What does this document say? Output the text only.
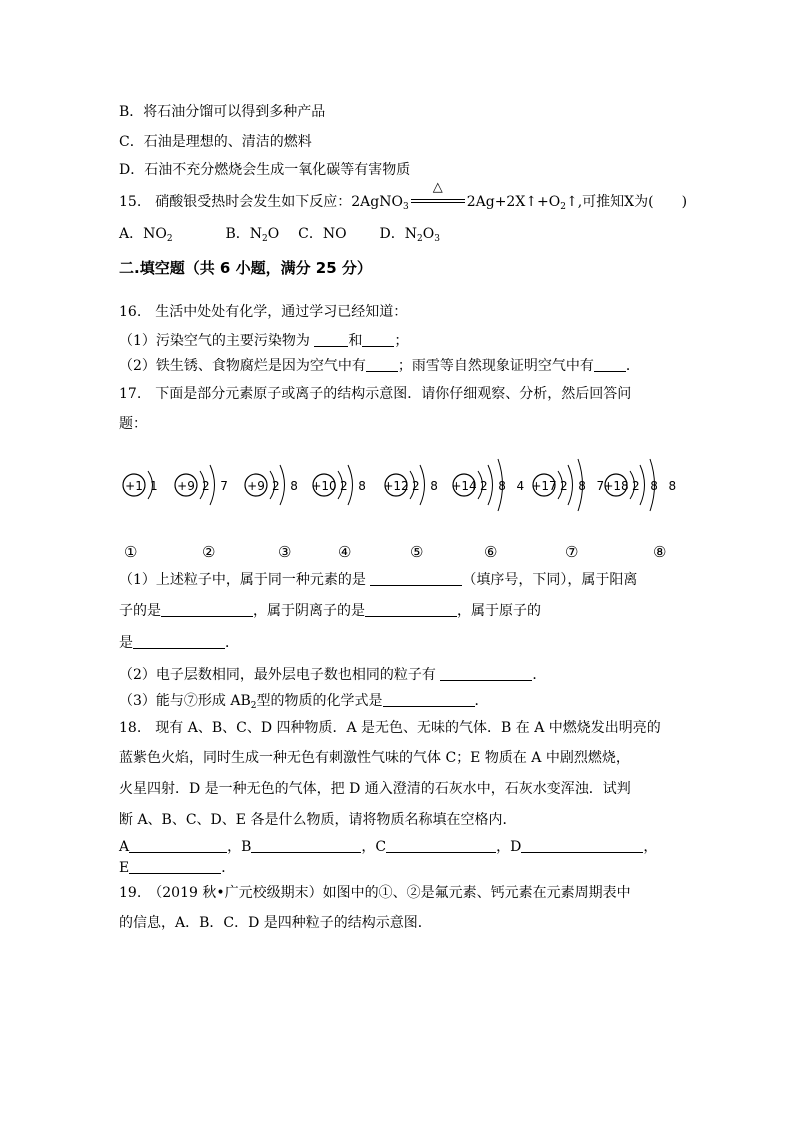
B．将石油分馏可以得到多种产品
C．石油是理想的、清洁的燃料
D．石油不充分燃烧会生成一氧化碳等有害物质
15.　硝酸银受热时会发生如下反应：2AgNO$_3$
△
$2Ag+2X↑+O_2↑$,可推知X为(　　)
A．$NO_2$	B．$N_2O$ C．NO D．$N_2O_3$
二.填空题（共 6 小题，满分 25 分）
16.　生活中处处有化学，通过学习已经知道：
（1）污染空气的主要污染物为	和 ；
（2）铁生锈、食物腐烂是因为空气中有 ；雨雪等自然现象证明空气中有 ．
17.　下面是部分元素原子或离子的结构示意图．请你仔细观察、分析，然后回答问
题：
+1 1 +9 2  7 +9 2  8 +10 2  8 +12 2  8 +14 2  8  4 +17 2  8  7
+18 2  8  8
①	②	③	④	⑤	⑥	⑦	⑧
（1）上述粒子中，属于同一种元素的是	（填序号，下同），属于阳离
子的是	，属于阴离子的是	，属于原子的
是	．
（2）电子层数相同，最外层电子数也相同的粒子有	．
（3）能与⑦形成 $AB_2$型的物质的化学式是	．
18.　现有 A、B、C、D 四种物质．A 是无色、无味的气体．B 在 A 中燃烧发出明亮的
蓝紫色火焰，同时生成一种无色有刺激性气味的气体 C；E 物质在 A 中剧烈燃烧，
火星四射．D 是一种无色的气体，把 D 通入澄清的石灰水中，石灰水变浑浊．试判
断 A、B、C、D、E 各是什么物质，请将物质名称填在空格内．
A	，B	，C	，D	，
E	．
19.　（2019 秋•广元校级期末）如图中的①、②是氟元素、钙元素在元素周期表中
的信息，A．B．C．D 是四种粒子的结构示意图．
